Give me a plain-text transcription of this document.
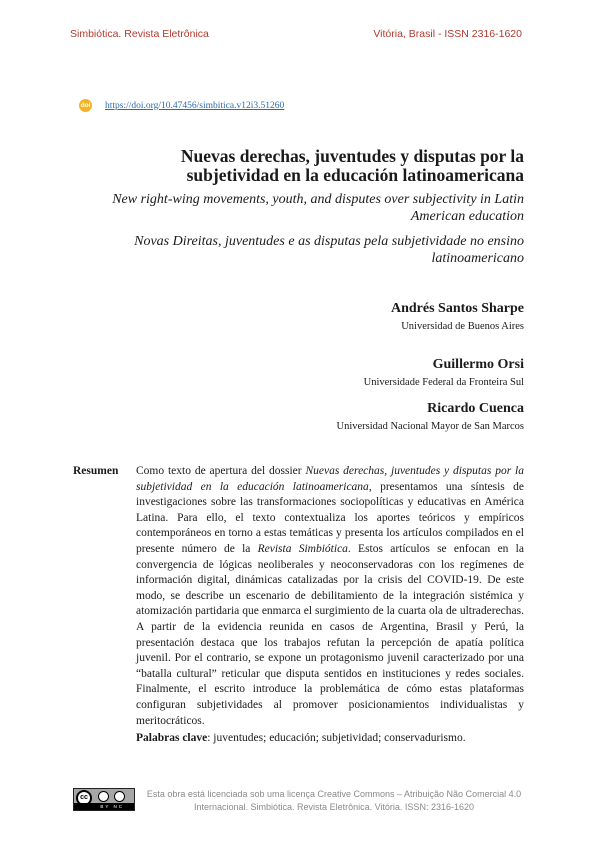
Simbiótica. Revista Eletrônica	Vitória, Brasil - ISSN 2316-1620
doi https://doi.org/10.47456/simbitica.v12i3.51260
Nuevas derechas, juventudes y disputas por la subjetividad en la educación latinoamericana
New right-wing movements, youth, and disputes over subjectivity in Latin American education
Novas Direitas, juventudes e as disputas pela subjetividade no ensino latinoamericano
Andrés Santos Sharpe
Universidad de Buenos Aires
Guillermo Orsi
Universidade Federal da Fronteira Sul
Ricardo Cuenca
Universidad Nacional Mayor de San Marcos
Resumen Como texto de apertura del dossier Nuevas derechas, juventudes y disputas por la subjetividad en la educación latinoamericana, presentamos una síntesis de investigaciones sobre las transformaciones sociopolíticas y educativas en América Latina. Para ello, el texto contextualiza los aportes teóricos y empíricos contemporáneos en torno a estas temáticas y presenta los artículos compilados en el presente número de la Revista Simbiótica. Estos artículos se enfocan en la convergencia de lógicas neoliberales y neoconservadoras con los regímenes de información digital, dinámicas catalizadas por la crisis del COVID-19. De este modo, se describe un escenario de debilitamiento de la integración sistémica y atomización partidaria que enmarca el surgimiento de la cuarta ola de ultraderechas. A partir de la evidencia reunida en casos de Argentina, Brasil y Perú, la presentación destaca que los trabajos refutan la percepción de apatía política juvenil. Por el contrario, se expone un protagonismo juvenil caracterizado por una “batalla cultural” reticular que disputa sentidos en instituciones y redes sociales. Finalmente, el escrito introduce la problemática de cómo estas plataformas configuran subjetividades al promover posicionamientos individualistas y meritocráticos.

Palabras clave: juventudes; educación; subjetividad; conservadurismo.

cc
BY NC
Esta obra está licenciada sob uma licença Creative Commons – Atribuição Não Comercial 4.0 Internacional. Simbiótica. Revista Eletrônica. Vitória. ISSN: 2316-1620
